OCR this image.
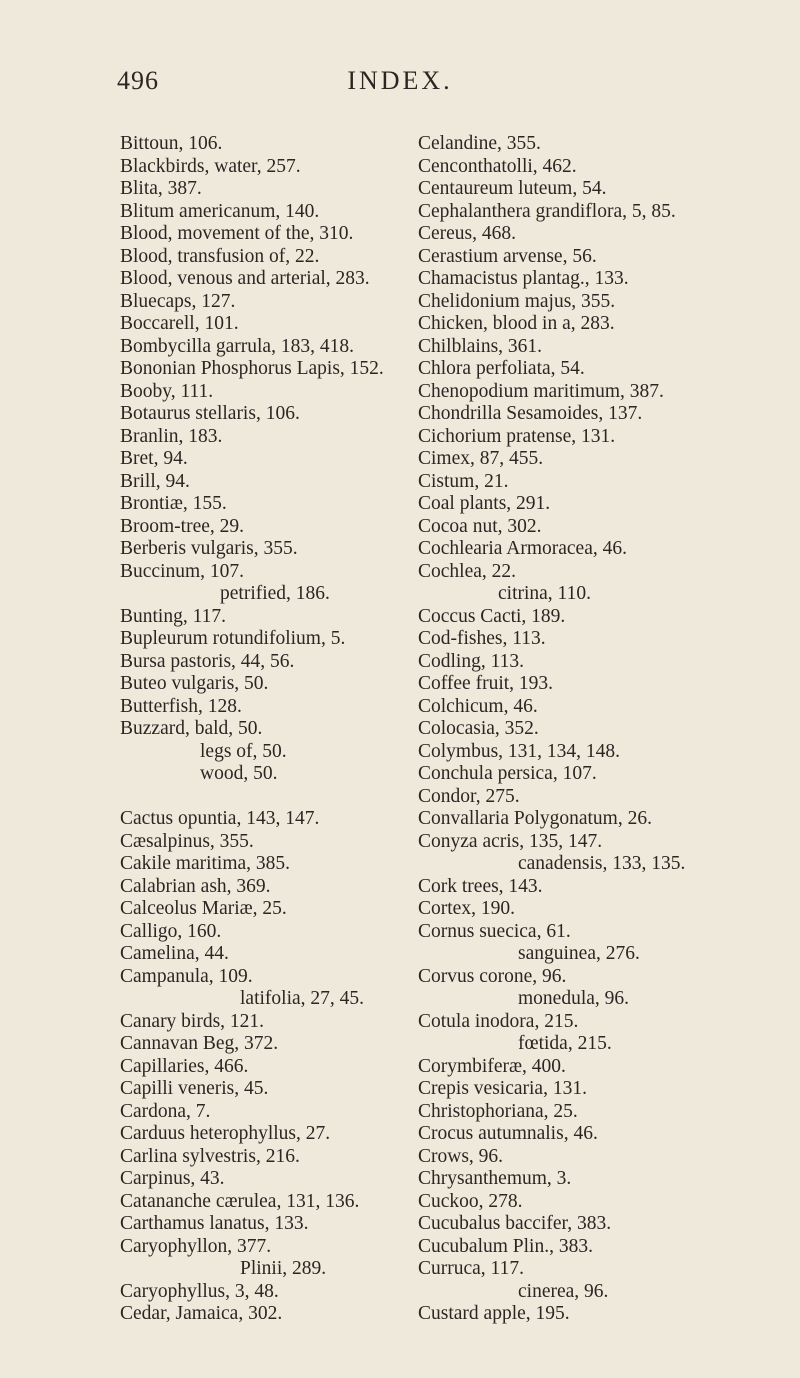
496	INDEX.
Bittoun, 106.
Blackbirds, water, 257.
Blita, 387.
Blitum americanum, 140.
Blood, movement of the, 310.
Blood, transfusion of, 22.
Blood, venous and arterial, 283.
Bluecaps, 127.
Boccarell, 101.
Bombycilla garrula, 183, 418.
Bononian Phosphorus Lapis, 152.
Booby, 111.
Botaurus stellaris, 106.
Branlin, 183.
Bret, 94.
Brill, 94.
Brontiæ, 155.
Broom-tree, 29.
Berberis vulgaris, 355.
Buccinum, 107.
petrified, 186.
Bunting, 117.
Bupleurum rotundifolium, 5.
Bursa pastoris, 44, 56.
Buteo vulgaris, 50.
Butterfish, 128.
Buzzard, bald, 50.
legs of, 50.
wood, 50.
Cactus opuntia, 143, 147.
Cæsalpinus, 355.
Cakile maritima, 385.
Calabrian ash, 369.
Calceolus Mariæ, 25.
Calligo, 160.
Camelina, 44.
Campanula, 109.
latifolia, 27, 45.
Canary birds, 121.
Cannavan Beg, 372.
Capillaries, 466.
Capilli veneris, 45.
Cardona, 7.
Carduus heterophyllus, 27.
Carlina sylvestris, 216.
Carpinus, 43.
Catananche cærulea, 131, 136.
Carthamus lanatus, 133.
Caryophyllon, 377.
Plinii, 289.
Caryophyllus, 3, 48.
Cedar, Jamaica, 302.
Celandine, 355.
Cenconthatolli, 462.
Centaureum luteum, 54.
Cephalanthera grandiflora, 5, 85.
Cereus, 468.
Cerastium arvense, 56.
Chamacistus plantag., 133.
Chelidonium majus, 355.
Chicken, blood in a, 283.
Chilblains, 361.
Chlora perfoliata, 54.
Chenopodium maritimum, 387.
Chondrilla Sesamoides, 137.
Cichorium pratense, 131.
Cimex, 87, 455.
Cistum, 21.
Coal plants, 291.
Cocoa nut, 302.
Cochlearia Armoracea, 46.
Cochlea, 22.
citrina, 110.
Coccus Cacti, 189.
Cod-fishes, 113.
Codling, 113.
Coffee fruit, 193.
Colchicum, 46.
Colocasia, 352.
Colymbus, 131, 134, 148.
Conchula persica, 107.
Condor, 275.
Convallaria Polygonatum, 26.
Conyza acris, 135, 147.
canadensis, 133, 135.
Cork trees, 143.
Cortex, 190.
Cornus suecica, 61.
sanguinea, 276.
Corvus corone, 96.
monedula, 96.
Cotula inodora, 215.
fœtida, 215.
Corymbiferæ, 400.
Crepis vesicaria, 131.
Christophoriana, 25.
Crocus autumnalis, 46.
Crows, 96.
Chrysanthemum, 3.
Cuckoo, 278.
Cucubalus baccifer, 383.
Cucubalum Plin., 383.
Curruca, 117.
cinerea, 96.
Custard apple, 195.
